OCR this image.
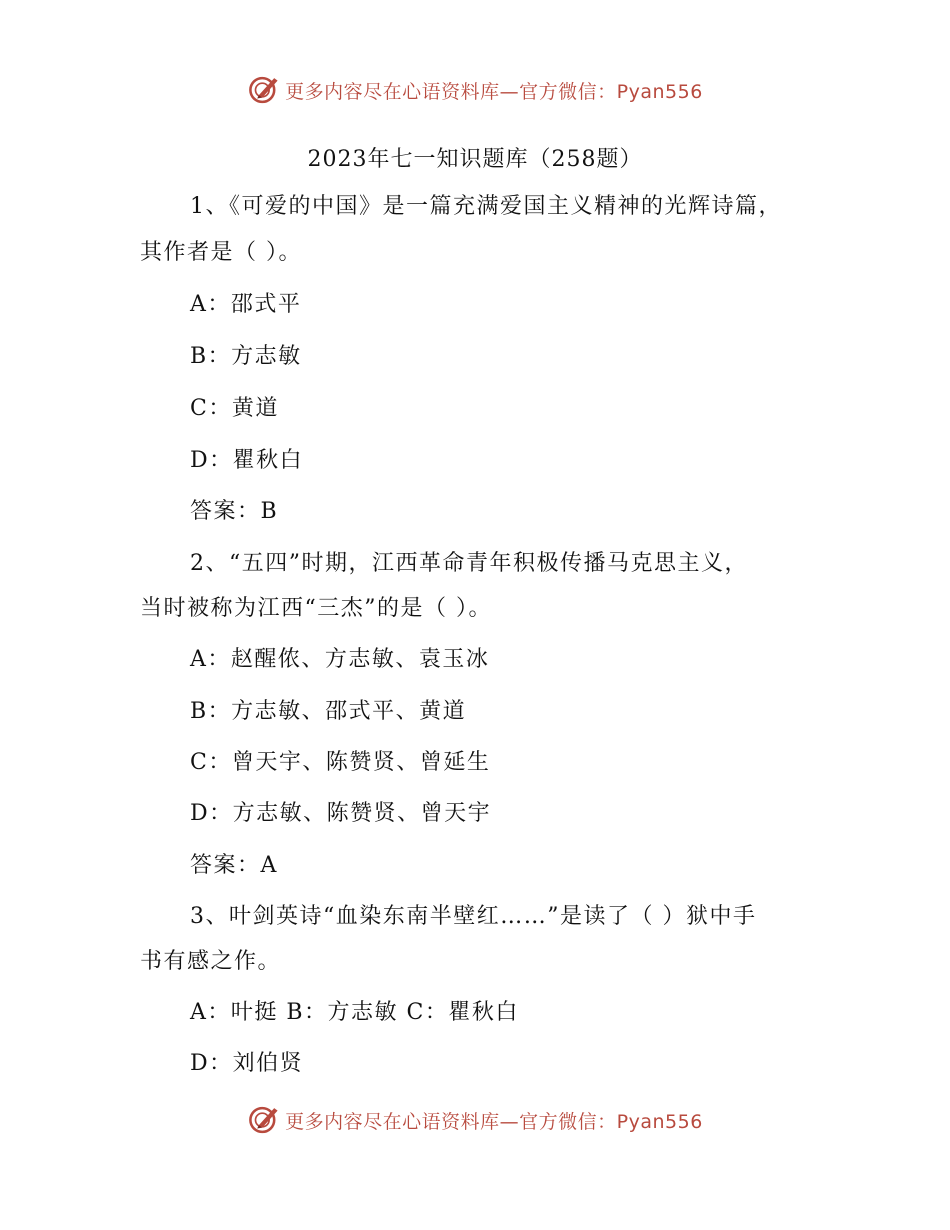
更多内容尽在心语资料库—官方微信：Pyan556
2023年七一知识题库（258题）
1、《可爱的中国》是一篇充满爱国主义精神的光辉诗篇，
其作者是（ ）。
A：邵式平
B：方志敏
C：黄道
D：瞿秋白
答案：B
2、“五四”时期，江西革命青年积极传播马克思主义，
当时被称为江西“三杰”的是（ ）。
A：赵醒侬、方志敏、袁玉冰
B：方志敏、邵式平、黄道
C：曾天宇、陈赞贤、曾延生
D：方志敏、陈赞贤、曾天宇
答案：A
3、叶剑英诗“血染东南半壁红……”是读了（ ）狱中手
书有感之作。
A：叶挺 B：方志敏 C：瞿秋白
D：刘伯贤
更多内容尽在心语资料库—官方微信：Pyan556
